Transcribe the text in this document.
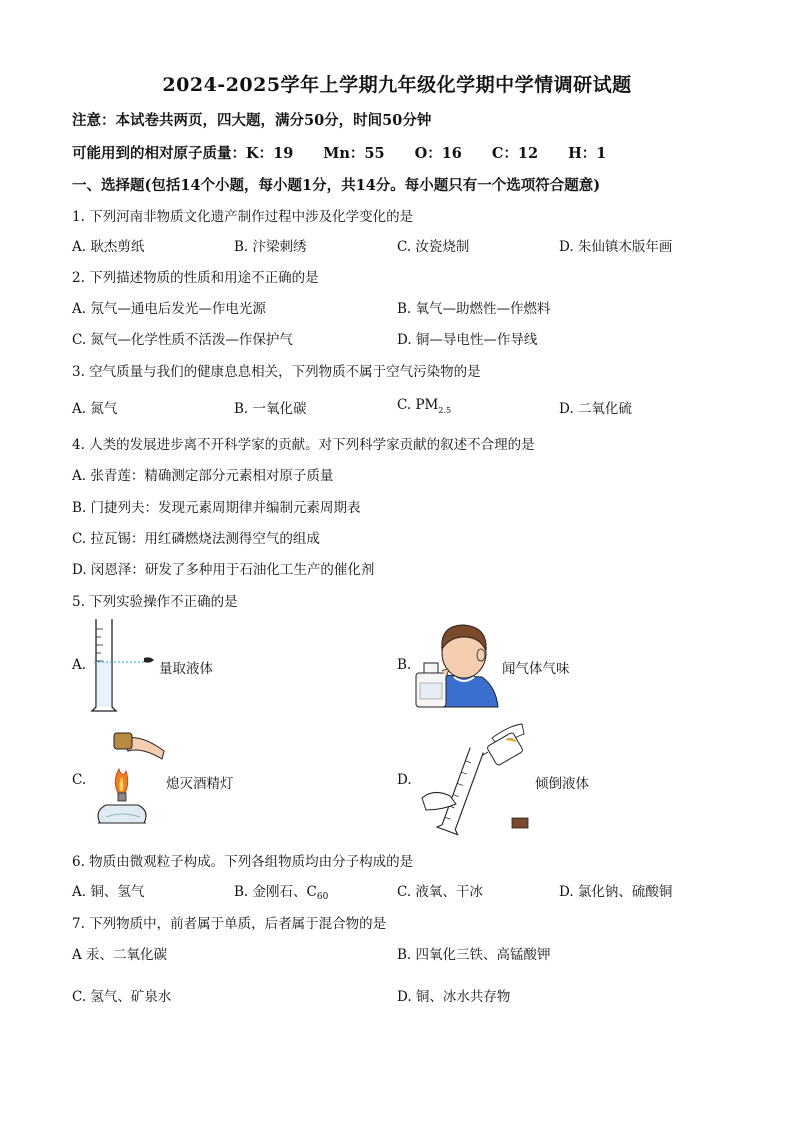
2024-2025学年上学期九年级化学期中学情调研试题
注意：本试卷共两页，四大题，满分50分，时间50分钟
可能用到的相对原子质量：K：19 Mn：55 O：16 C：12 H：1
一、选择题(包括14个小题，每小题1分，共14分。每小题只有一个选项符合题意)
1. 下列河南非物质文化遗产制作过程中涉及化学变化的是
A. 耿杰剪纸	B. 汴梁刺绣	C. 汝瓷烧制	D. 朱仙镇木版年画
2. 下列描述物质的性质和用途不正确的是
A. 氖气—通电后发光—作电光源	B. 氧气—助燃性—作燃料
C. 氮气—化学性质不活泼—作保护气	D. 铜—导电性—作导线
3. 空气质量与我们的健康息息相关，下列物质不属于空气污染物的是
A. 氮气	B. 一氧化碳	C. $PM_{2.5}$	D. 二氧化硫
4. 人类的发展进步离不开科学家的贡献。对下列科学家贡献的叙述不合理的是
A. 张青莲：精确测定部分元素相对原子质量
B. 门捷列夫：发现元素周期律并编制元素周期表
C. 拉瓦锡：用红磷燃烧法测得空气的组成
D. 闵恩泽：研发了多种用于石油化工生产的催化剂
5. 下列实验操作不正确的是
A.	量取液体	B.	闻气体气味
C.	熄灭酒精灯	D.	倾倒液体
6. 物质由微观粒子构成。下列各组物质均由分子构成的是
A. 铜、氢气	B. 金刚石、$C_{60}$	C. 液氧、干冰	D. 氯化钠、硫酸铜
7. 下列物质中，前者属于单质，后者属于混合物的是
A 汞、二氧化碳	B. 四氧化三铁、高锰酸钾
C. 氢气、矿泉水	D. 铜、冰水共存物
